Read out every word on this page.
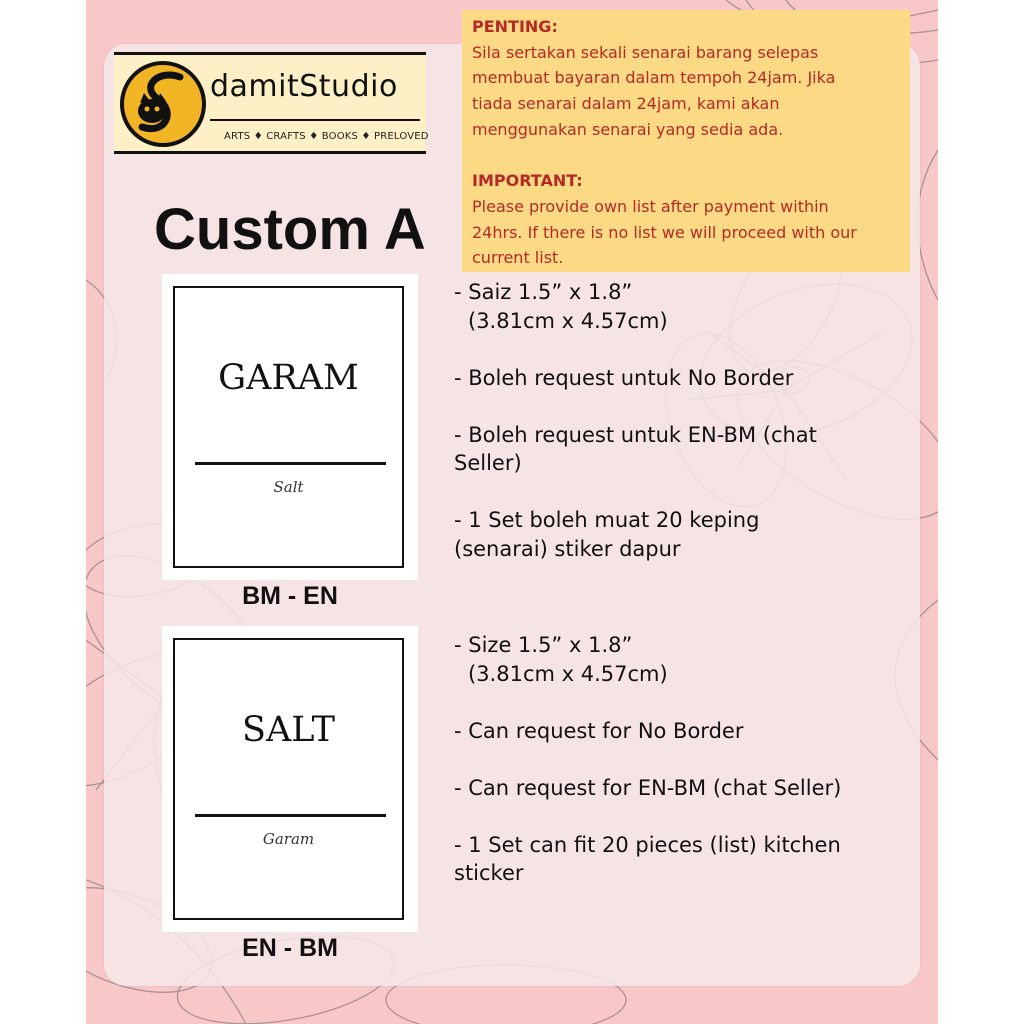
damitStudio
ARTS ♦ CRAFTS ♦ BOOKS ♦ PRELOVED

PENTING:

Sila sertakan sekali senarai barang selepas

membuat bayaran dalam tempoh 24jam. Jika

tiada senarai dalam 24jam, kami akan

menggunakan senarai yang sedia ada.

IMPORTANT:

Please provide own list after payment within

24hrs. If there is no list we will proceed with our

current list.

Custom A
GARAM
Salt
BM - EN
SALT
Garam
EN - BM

- Saiz 1.5” x 1.8”
(3.81cm x 4.57cm)

- Boleh request untuk No Border

- Boleh request untuk EN-BM (chat
Seller)

- 1 Set boleh muat 20 keping
(senarai) stiker dapur

- Size 1.5” x 1.8”
(3.81cm x 4.57cm)

- Can request for No Border

- Can request for EN-BM (chat Seller)

- 1 Set can fit 20 pieces (list) kitchen
sticker
